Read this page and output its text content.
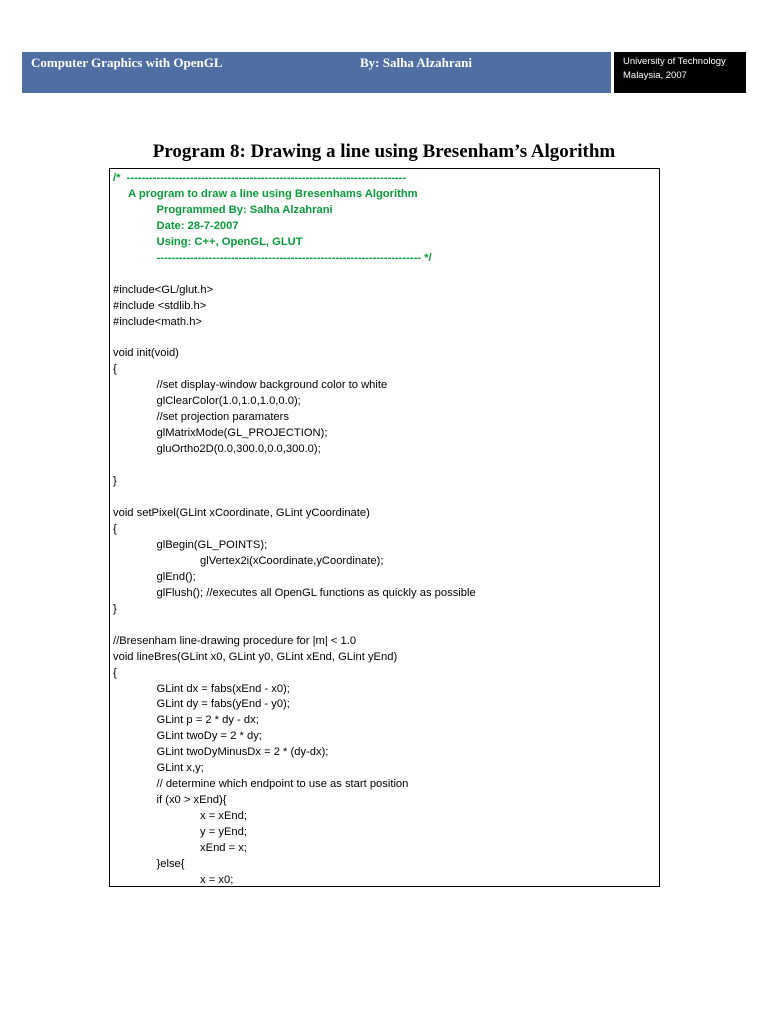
Computer Graphics with OpenGL	By: Salha Alzahrani	University of Technology
Malaysia, 2007
Program 8: Drawing a line using Bresenham’s Algorithm
/*  ---------------------------------------------------------------------------
A program to draw a line using Bresenhams Algorithm
Programmed By: Salha Alzahrani
Date: 28-7-2007
Using: C++, OpenGL, GLUT
----------------------------------------------------------------------- */

#include<GL/glut.h>
#include <stdlib.h>
#include<math.h>

void init(void)
{
//set display-window background color to white
glClearColor(1.0,1.0,1.0,0.0);
//set projection paramaters
glMatrixMode(GL_PROJECTION);
gluOrtho2D(0.0,300.0,0.0,300.0);

}

void setPixel(GLint xCoordinate, GLint yCoordinate)
{
glBegin(GL_POINTS);
glVertex2i(xCoordinate,yCoordinate);
glEnd();
glFlush(); //executes all OpenGL functions as quickly as possible
}

//Bresenham line-drawing procedure for |m| < 1.0
void lineBres(GLint x0, GLint y0, GLint xEnd, GLint yEnd)
{
GLint dx = fabs(xEnd - x0);
GLint dy = fabs(yEnd - y0);
GLint p = 2 * dy - dx;
GLint twoDy = 2 * dy;
GLint twoDyMinusDx = 2 * (dy-dx);
GLint x,y;
// determine which endpoint to use as start position
if (x0 > xEnd){
x = xEnd;
y = yEnd;
xEnd = x;
}else{
x = x0;
